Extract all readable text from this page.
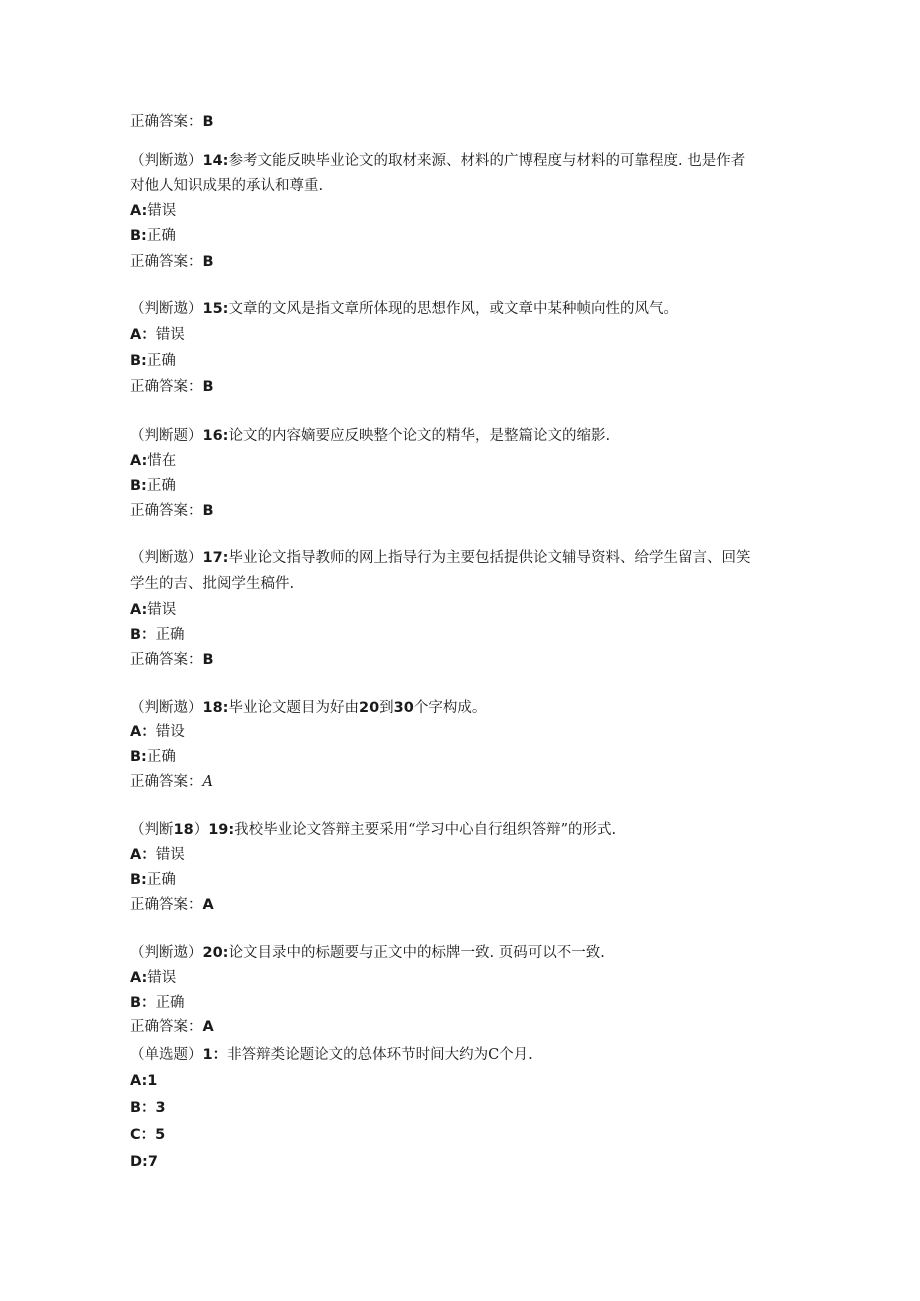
正确答案：B
（判断遨）14:参考文能反映毕业论文的取材来源、材料的广博程度与材料的可靠程度. 也是作者
对他人知识成果的承认和尊重.
A:错误
B:正确
正确答案：B
（判断遨）15:文章的文风是指文章所体现的思想作风，或文章中某种帧向性的风气。
A：错误
B:正确
正确答案：B
（判断题）16:论文的内容嫡要应反映整个论文的精华，是整篇论文的缩影.
A:惜在
B:正确
正确答案：B
（判断遨）17:毕业论文指导教师的网上指导行为主要包括提供论文辅导资料、给学生留言、回笑
学生的吉、批阅学生稿件.
A:错误
B：正确
正确答案：B
（判断遨）18:毕业论文题目为好由20到30个字构成。
A：错设
B:正确
正确答案：A
（判断18）19:我校毕业论文答辩主要采用“学习中心自行组织答辩”的形式.
A：错误
B:正确
正确答案：A
（判断遨）20:论文目录中的标题要与正文中的标牌一致. 页码可以不一致.
A:错误
B：正确
正确答案：A
（单选题）1：非答辩类论题论文的总体环节时间大约为C个月.
A:1
B：3
C：5
D:7
